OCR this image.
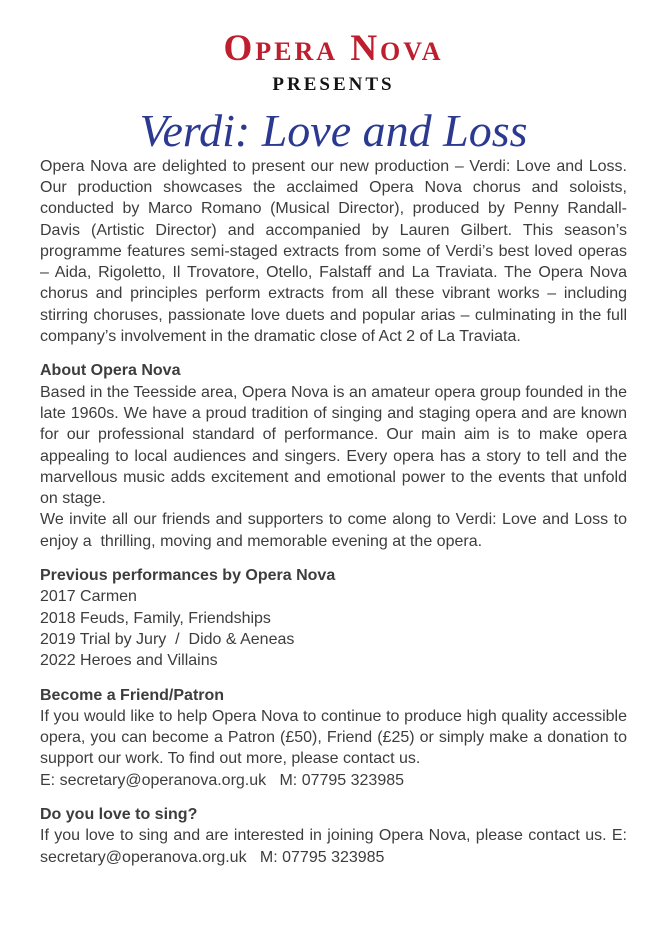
Opera Nova
PRESENTS
Verdi: Love and Loss

Opera Nova are delighted to present our new production – Verdi: Love and Loss. Our production showcases the acclaimed Opera Nova chorus and soloists, conducted by Marco Romano (Musical Director), produced by Penny Randall-Davis (Artistic Director) and accompanied by Lauren Gilbert. This season’s programme features semi-staged extracts from some of Verdi’s best loved operas – Aida, Rigoletto, Il Trovatore, Otello, Falstaff and La Traviata. The Opera Nova chorus and principles perform extracts from all these vibrant works – including stirring choruses, passionate love duets and popular arias – culminating in the full company’s involvement in the dramatic close of Act 2 of La Traviata.

About Opera Nova

Based in the Teesside area, Opera Nova is an amateur opera group founded in the late 1960s. We have a proud tradition of singing and staging opera and are known for our professional standard of performance. Our main aim is to make opera appealing to local audiences and singers. Every opera has a story to tell and the marvellous music adds excitement and emotional power to the events that unfold on stage.

We invite all our friends and supporters to come along to Verdi: Love and Loss to enjoy a  thrilling, moving and memorable evening at the opera.

Previous performances by Opera Nova
2017 Carmen
2018 Feuds, Family, Friendships
2019 Trial by Jury  /  Dido & Aeneas
2022 Heroes and Villains
Become a Friend/Patron

If you would like to help Opera Nova to continue to produce high quality accessible opera, you can become a Patron (£50), Friend (£25) or simply make a donation to support our work. To find out more, please contact us.

E: secretary@operanova.org.uk   M: 07795 323985
Do you love to sing?

If you love to sing and are interested in joining Opera Nova, please contact us. E: secretary@operanova.org.uk   M: 07795 323985
